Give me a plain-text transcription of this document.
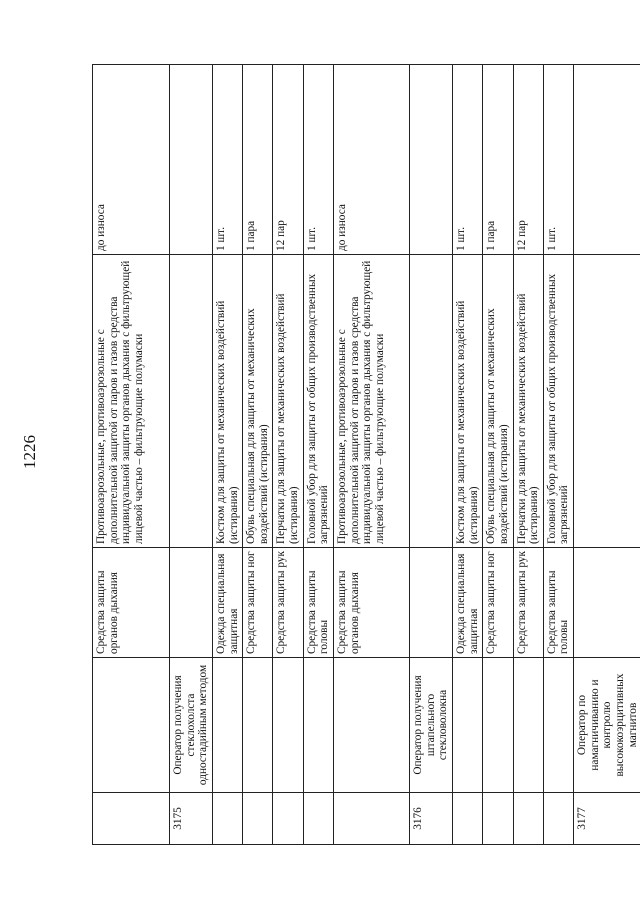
1226
		Средства защиты органов дыхания	Противоаэрозольные, противоаэрозольные с дополнительной защитой от паров и газов средства индивидуальной защиты органов дыхания с фильтрующей лицевой частью – фильтрующие полумаски	до износа
3175	Оператор получения стеклохолста одностадийным методом			
		Одежда специальная защитная	Костюм для защиты от механических воздействий (истирания)	1 шт.
		Средства защиты ног	Обувь специальная для защиты от механических воздействий (истирания)	1 пара
		Средства защиты рук	Перчатки для защиты от механических воздействий (истирания)	12 пар
		Средства защиты головы	Головной убор для защиты от общих производственных загрязнений	1 шт.
		Средства защиты органов дыхания	Противоаэрозольные, противоаэрозольные с дополнительной защитой от паров и газов средства индивидуальной защиты органов дыхания с фильтрующей лицевой частью – фильтрующие полумаски	до износа
3176	Оператор получения штапельного стекловолокна			
		Одежда специальная защитная	Костюм для защиты от механических воздействий (истирания)	1 шт.
		Средства защиты ног	Обувь специальная для защиты от механических воздействий (истирания)	1 пара
		Средства защиты рук	Перчатки для защиты от механических воздействий (истирания)	12 пар
		Средства защиты головы	Головной убор для защиты от общих производственных загрязнений	1 шт.
3177	Оператор по намагничиванию и контролю высококоэрцитивных магнитов			
